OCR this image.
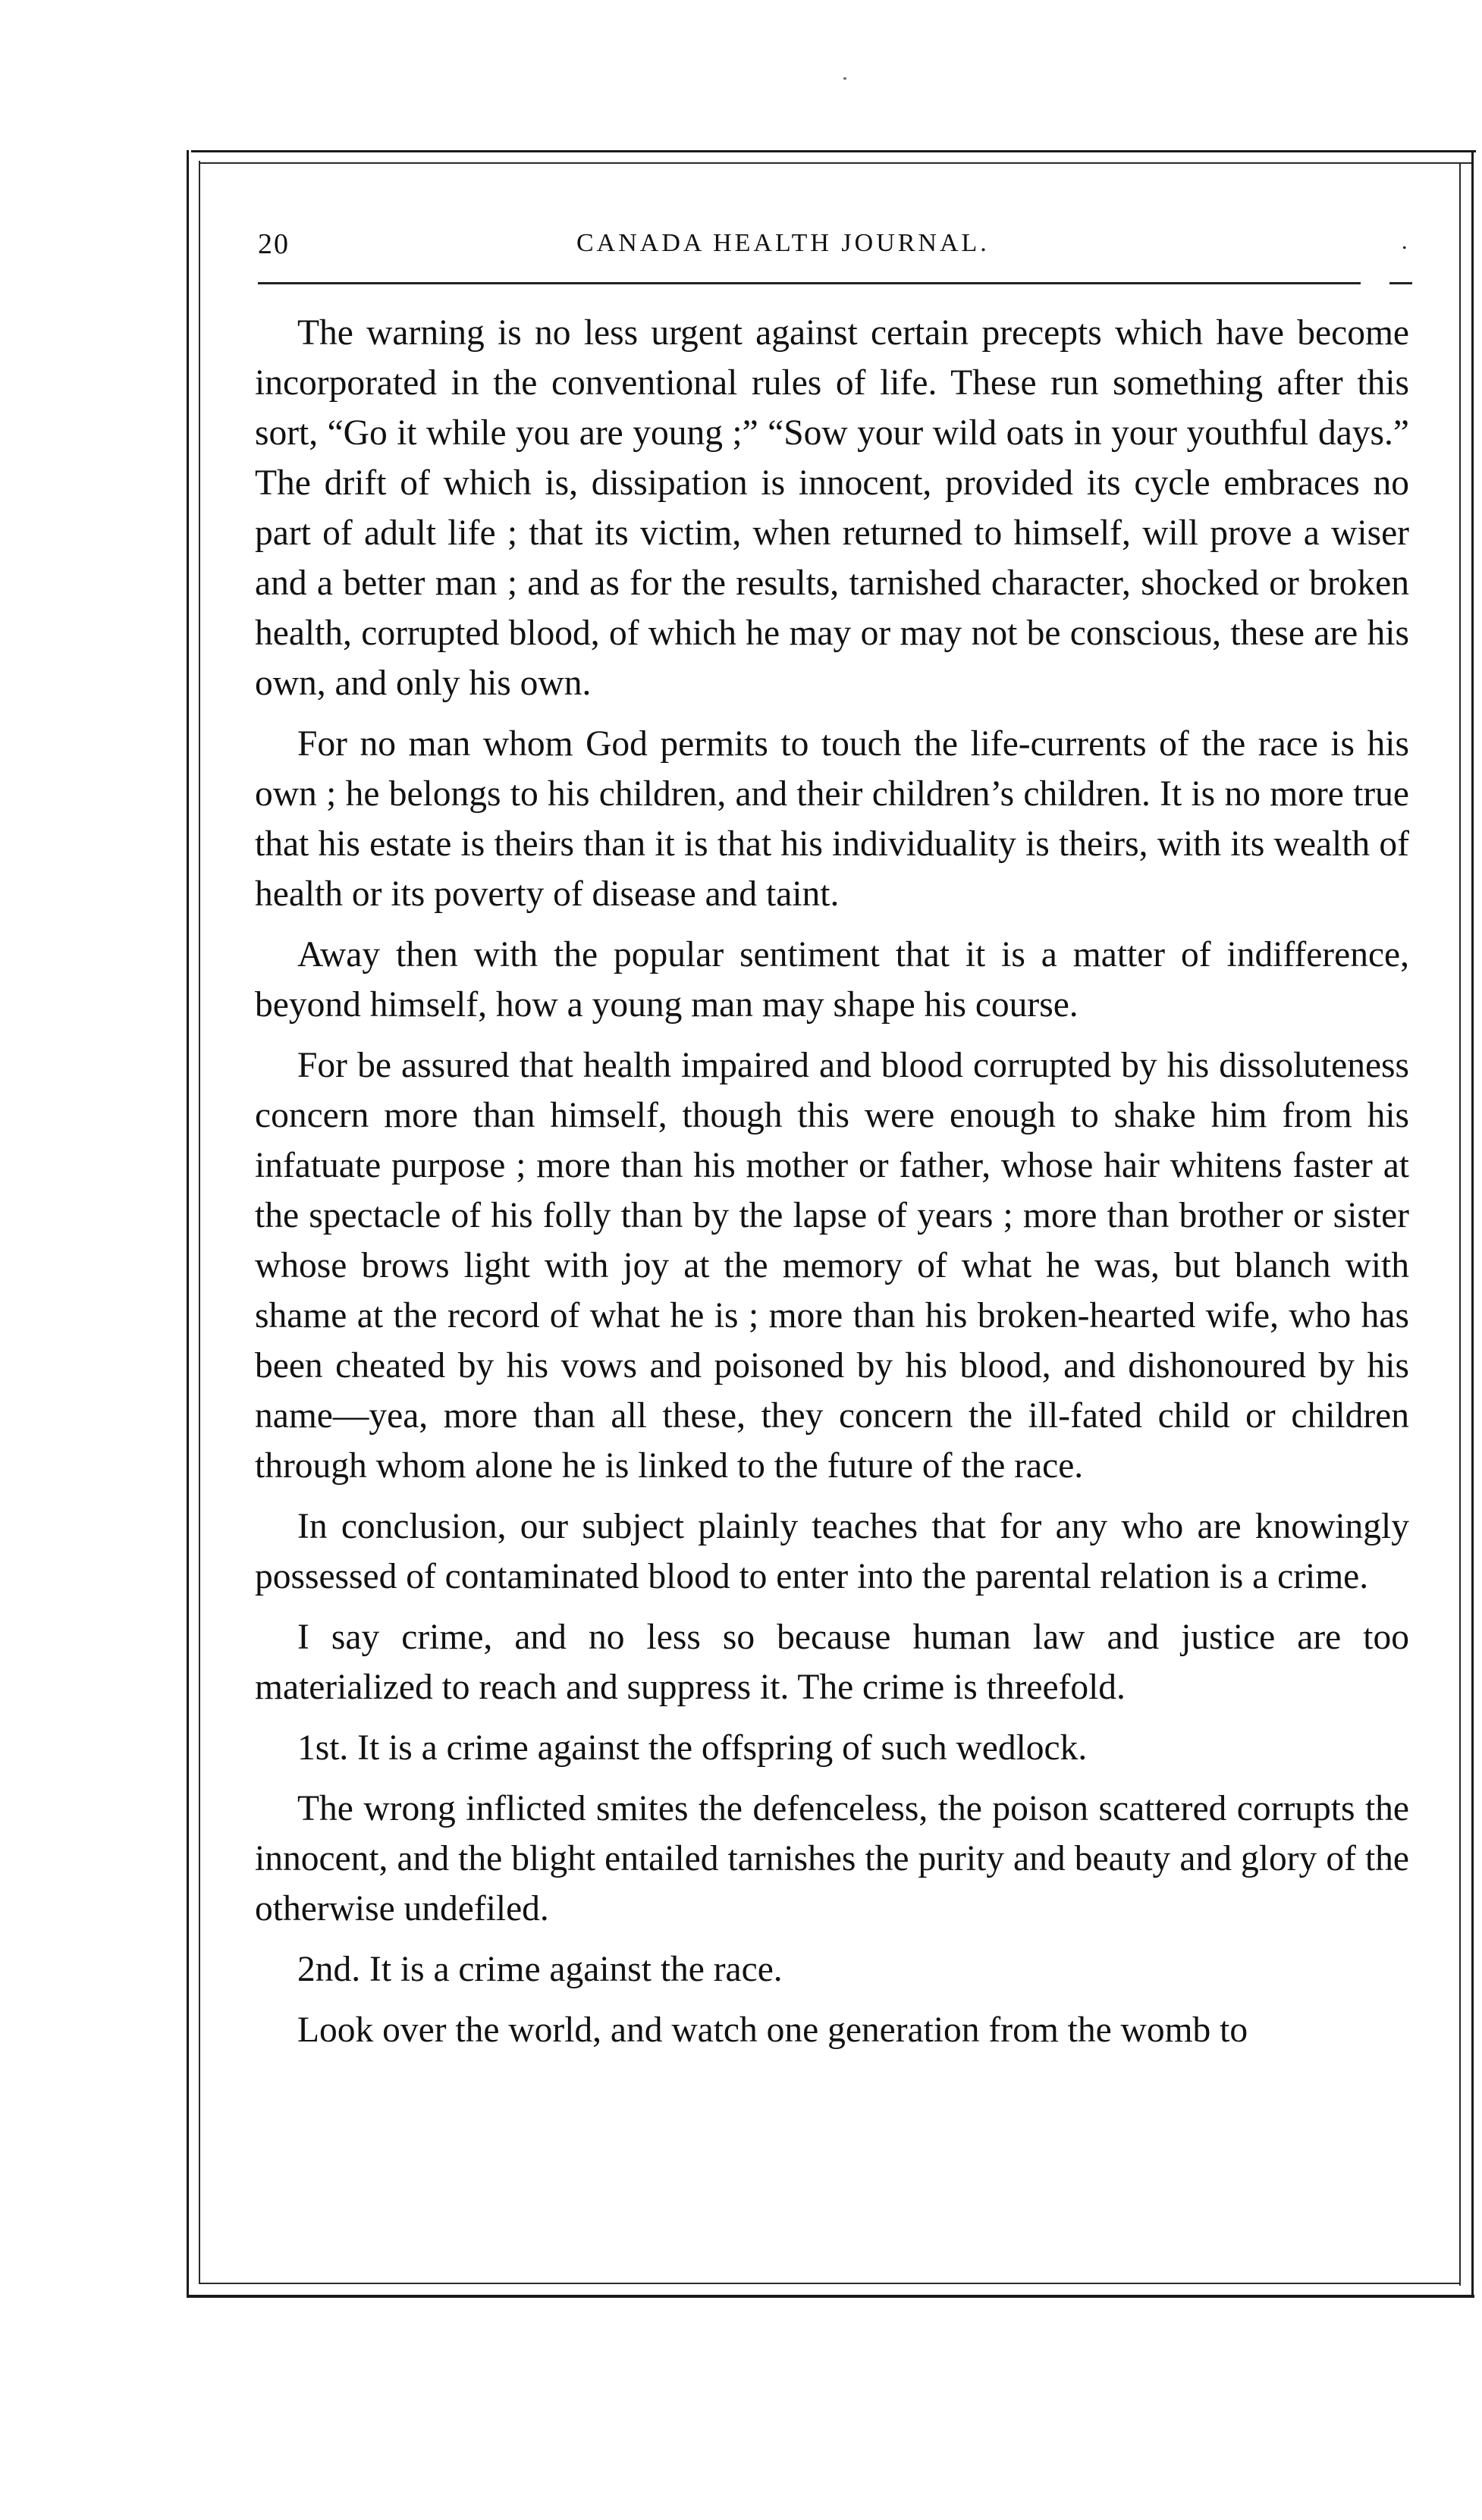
20	CANADA HEALTH JOURNAL.	.

The warning is no less urgent against certain precepts which have become incorporated in the conventional rules of life. These run something after this sort, “Go it while you are young ;” “Sow your wild oats in your youthful days.” The drift of which is, dissipation is innocent, provided its cycle embraces no part of adult life ; that its victim, when returned to himself, will prove a wiser and a better man ; and as for the results, tarnished character, shocked or broken health, corrupted blood, of which he may or may not be conscious, these are his own, and only his own.

For no man whom God permits to touch the life-currents of the race is his own ; he belongs to his children, and their children’s children. It is no more true that his estate is theirs than it is that his individuality is theirs, with its wealth of health or its poverty of disease and taint.

Away then with the popular sentiment that it is a matter of indifference, beyond himself, how a young man may shape his course.

For be assured that health impaired and blood corrupted by his dissoluteness concern more than himself, though this were enough to shake him from his infatuate purpose ; more than his mother or father, whose hair whitens faster at the spectacle of his folly than by the lapse of years ; more than brother or sister whose brows light with joy at the memory of what he was, but blanch with shame at the record of what he is ; more than his broken-hearted wife, who has been cheated by his vows and poisoned by his blood, and dishonoured by his name—yea, more than all these, they concern the ill-fated child or children through whom alone he is linked to the future of the race.

In conclusion, our subject plainly teaches that for any who are knowingly possessed of contaminated blood to enter into the parental relation is a crime.

I say crime, and no less so because human law and justice are too materialized to reach and suppress it. The crime is threefold.

1st. It is a crime against the offspring of such wedlock.

The wrong inflicted smites the defenceless, the poison scattered corrupts the innocent, and the blight entailed tarnishes the purity and beauty and glory of the otherwise undefiled.

2nd. It is a crime against the race.

Look over the world, and watch one generation from the womb to
